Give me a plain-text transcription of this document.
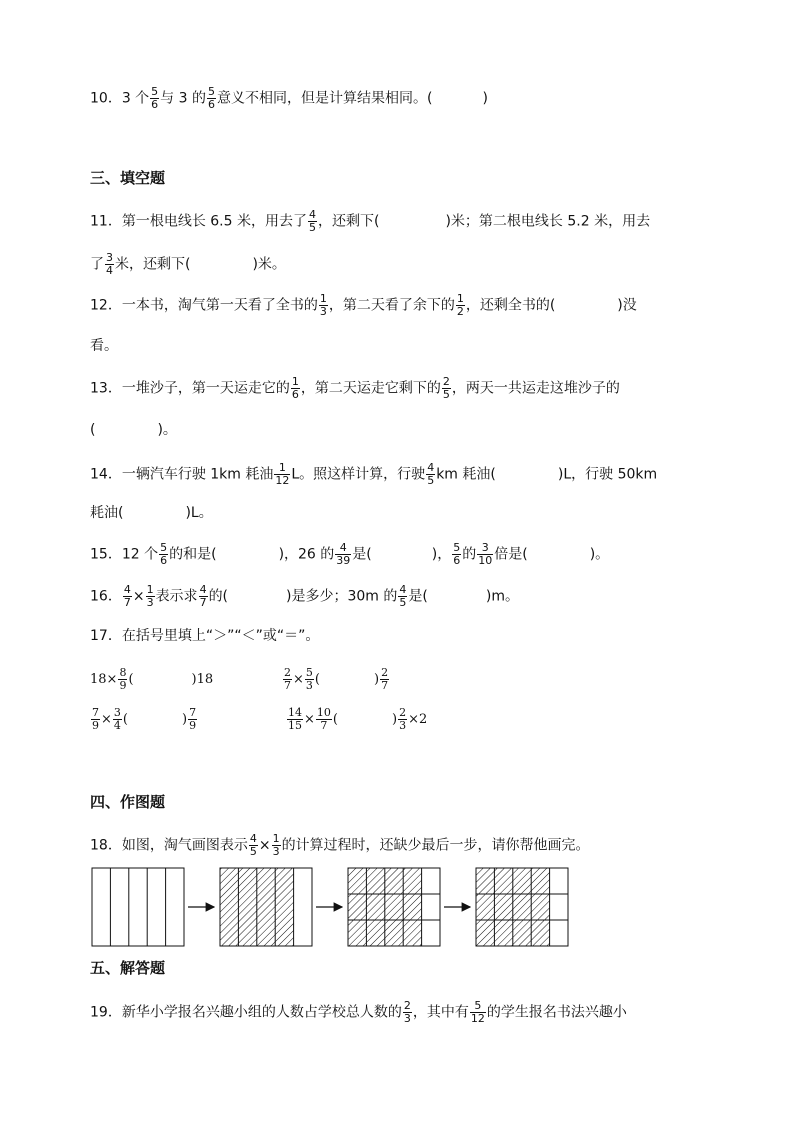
10．3 个 $\frac{5}{6}$ 与 3 的 $\frac{5}{6}$ 意义不相同，但是计算结果相同。(	)
三、填空题
11．第一根电线长 6.5 米，用去了 $\frac{4}{5}$ ，还剩下(	)米；第二根电线长 5.2 米，用去
了 $\frac{3}{4}$ 米，还剩下(	)米。
12．一本书，淘气第一天看了全书的 $\frac{1}{3}$ ，第二天看了余下的 $\frac{1}{2}$ ，还剩全书的(	)没
看。
13．一堆沙子，第一天运走它的 $\frac{1}{6}$ ，第二天运走它剩下的 $\frac{2}{5}$ ，两天一共运走这堆沙子的
(	)。
14．一辆汽车行驶 1km 耗油 $\frac{1}{12}$ L。照这样计算，行驶 $\frac{4}{5}$ km 耗油(	)L，行驶 50km
耗油(	)L。
15．12 个 $\frac{5}{6}$ 的和是(	)，26 的 $\frac{4}{39}$ 是(	)， $\frac{5}{6}$ 的 $\frac{3}{10}$ 倍是(	)。
16． $\frac{4}{7} \times \frac{1}{3}$ 表示求 $\frac{4}{7}$ 的(	)是多少；30m 的 $\frac{4}{5}$ 是(	)m。
17．在括号里填上“＞”“＜”或“＝”。
$18\times \frac{8}{9}$ (	)18	$\frac{2}{7} \times \frac{5}{3}$ (	) $\frac{2}{7}$
$\frac{7}{9} \times \frac{3}{4}$ (	) $\frac{7}{9}$	$\frac{14}{15} \times \frac{10}{7}$ (	) $\frac{2}{3} \times 2$
四、作图题
18．如图，淘气画图表示 $\frac{4}{5} \times \frac{1}{3}$ 的计算过程时，还缺少最后一步，请你帮他画完。
五、解答题
19．新华小学报名兴趣小组的人数占学校总人数的 $\frac{2}{3}$ ，其中有 $\frac{5}{12}$ 的学生报名书法兴趣小
